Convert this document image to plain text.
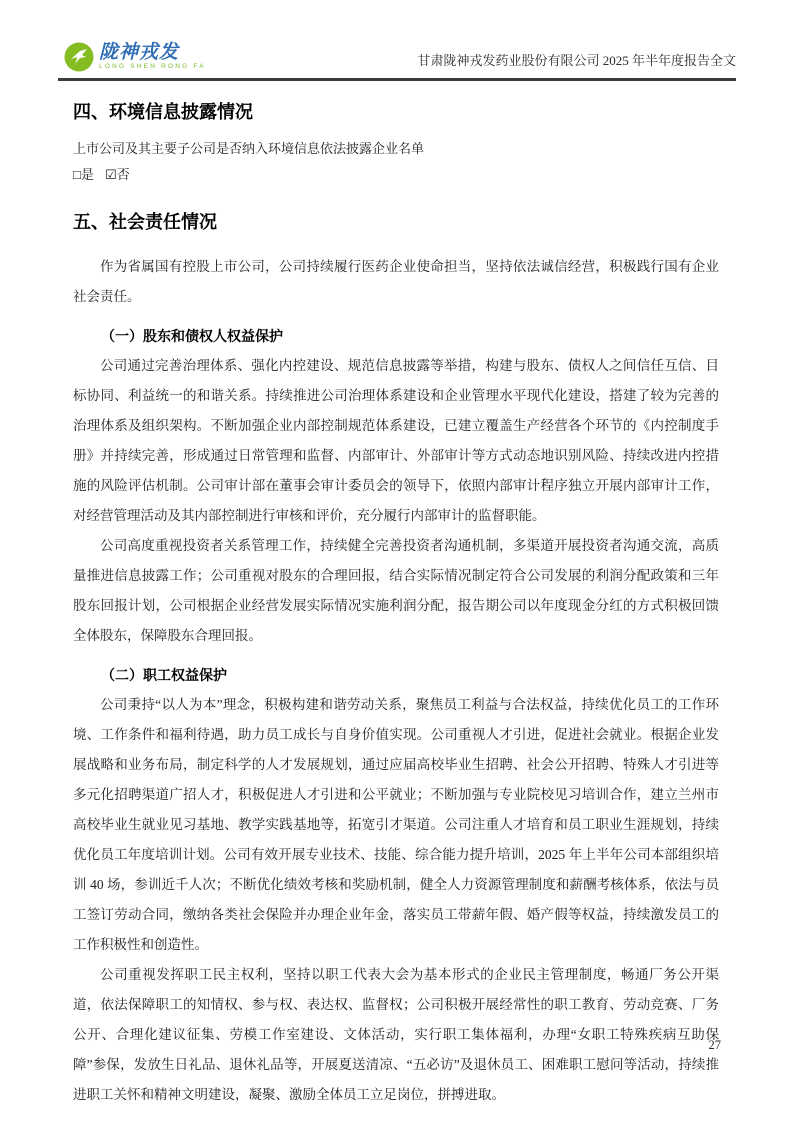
陇神戎发
LONG SHEN RONG FA	甘肃陇神戎发药业股份有限公司 2025 年半年度报告全文
四、环境信息披露情况
上市公司及其主要子公司是否纳入环境信息依法披露企业名单
□是 ☑否
五、社会责任情况
作为省属国有控股上市公司，公司持续履行医药企业使命担当，坚持依法诚信经营，积极践行国有企业社会责任。
（一）股东和债权人权益保护
公司通过完善治理体系、强化内控建设、规范信息披露等举措，构建与股东、债权人之间信任互信、目标协同、利益统一的和谐关系。持续推进公司治理体系建设和企业管理水平现代化建设，搭建了较为完善的治理体系及组织架构。不断加强企业内部控制规范体系建设，已建立覆盖生产经营各个环节的《内控制度手册》并持续完善，形成通过日常管理和监督、内部审计、外部审计等方式动态地识别风险、持续改进内控措施的风险评估机制。公司审计部在董事会审计委员会的领导下，依照内部审计程序独立开展内部审计工作，对经营管理活动及其内部控制进行审核和评价，充分履行内部审计的监督职能。
公司高度重视投资者关系管理工作，持续健全完善投资者沟通机制，多渠道开展投资者沟通交流，高质量推进信息披露工作；公司重视对股东的合理回报，结合实际情况制定符合公司发展的利润分配政策和三年股东回报计划，公司根据企业经营发展实际情况实施利润分配，报告期公司以年度现金分红的方式积极回馈全体股东，保障股东合理回报。
（二）职工权益保护
公司秉持“以人为本”理念，积极构建和谐劳动关系，聚焦员工利益与合法权益，持续优化员工的工作环境、工作条件和福利待遇，助力员工成长与自身价值实现。公司重视人才引进，促进社会就业。根据企业发展战略和业务布局，制定科学的人才发展规划，通过应届高校毕业生招聘、社会公开招聘、特殊人才引进等多元化招聘渠道广招人才，积极促进人才引进和公平就业；不断加强与专业院校见习培训合作，建立兰州市高校毕业生就业见习基地、教学实践基地等，拓宽引才渠道。公司注重人才培育和员工职业生涯规划，持续优化员工年度培训计划。公司有效开展专业技术、技能、综合能力提升培训，2025 年上半年公司本部组织培训 40 场，参训近千人次；不断优化绩效考核和奖励机制，健全人力资源管理制度和薪酬考核体系，依法与员工签订劳动合同，缴纳各类社会保险并办理企业年金，落实员工带薪年假、婚产假等权益，持续激发员工的工作积极性和创造性。
公司重视发挥职工民主权利，坚持以职工代表大会为基本形式的企业民主管理制度，畅通厂务公开渠道，依法保障职工的知情权、参与权、表达权、监督权；公司积极开展经常性的职工教育、劳动竞赛、厂务公开、合理化建议征集、劳模工作室建设、文体活动，实行职工集体福利，办理“女职工特殊疾病互助保障”参保，发放生日礼品、退休礼品等，开展夏送清凉、“五必访”及退休员工、困难职工慰问等活动，持续推进职工关怀和精神文明建设，凝聚、激励全体员工立足岗位，拼搏进取。
27
